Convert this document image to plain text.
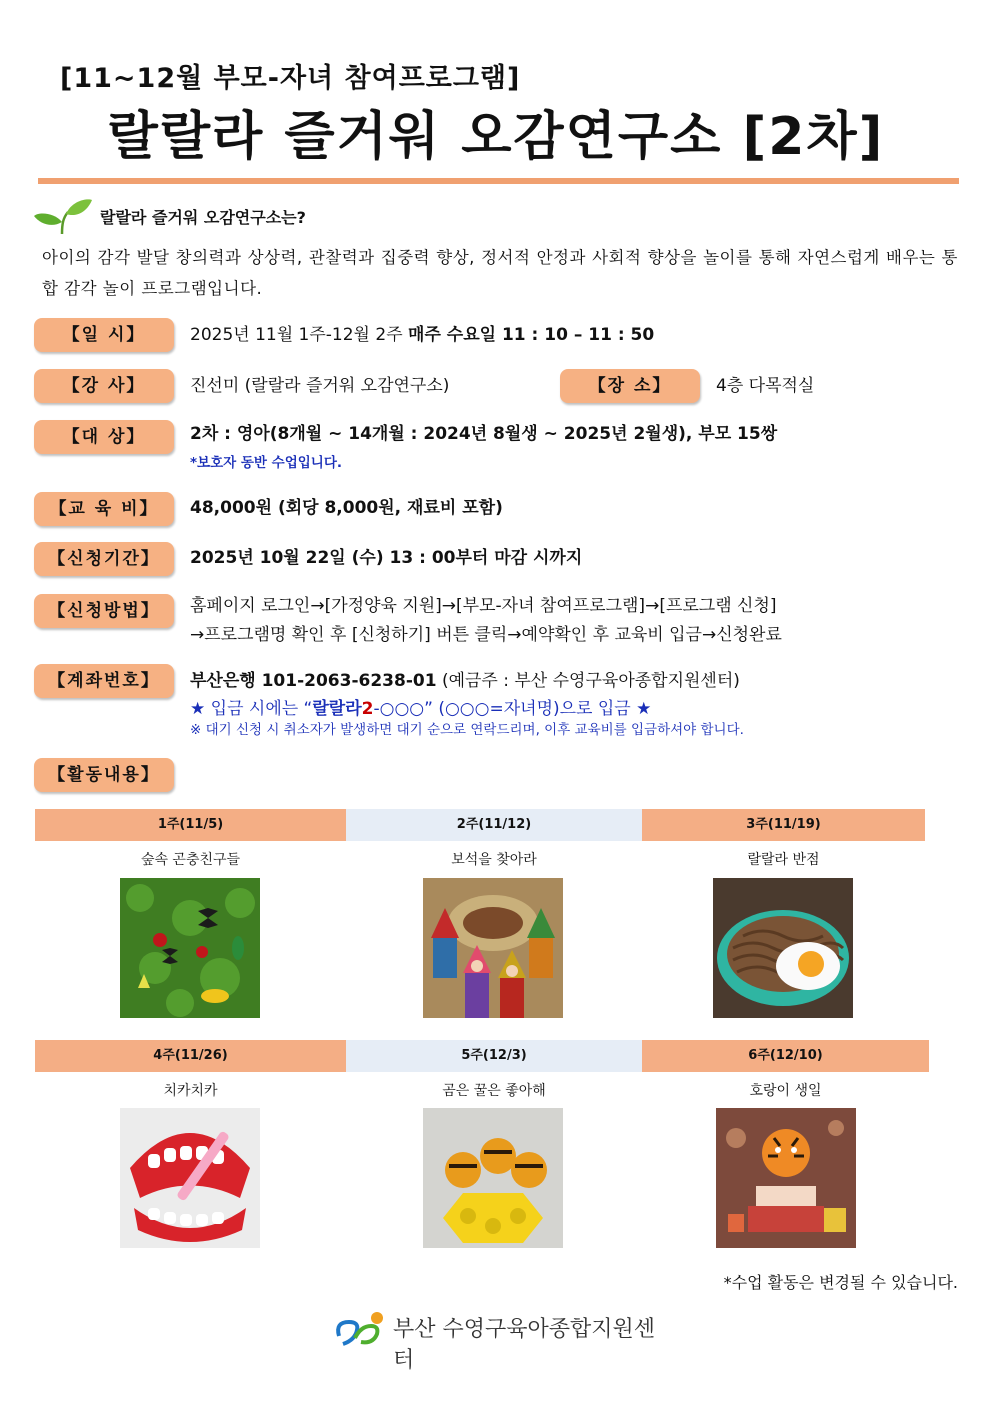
[11~12월 부모-자녀 참여프로그램]
랄랄라 즐거워 오감연구소 [2차]
랄랄라 즐거워 오감연구소는?
아이의 감각 발달 창의력과 상상력, 관찰력과 집중력 향상, 정서적 안정과 사회적 향상을 놀이를 통해 자연스럽게 배우는 통합 감각 놀이 프로그램입니다.
【일 시】	2025년 11월 1주-12월 2주 매주 수요일 11 : 10 – 11 : 50
【강 사】	진선미 (랄랄라 즐거워 오감연구소)	【장 소】	4층 다목적실
【대 상】	2차 : 영아(8개월 ~ 14개월 : 2024년 8월생 ~ 2025년 2월생), 부모 15쌍
*보호자 동반 수업입니다.
【교 육 비】	48,000원 (회당 8,000원, 재료비 포함)
【신청기간】	2025년 10월 22일 (수) 13 : 00부터 마감 시까지
【신청방법】	홈페이지 로그인→[가정양육 지원]→[부모-자녀 참여프로그램]→[프로그램 신청]
→프로그램명 확인 후 [신청하기] 버튼 클릭→예약확인 후 교육비 입금→신청완료
【계좌번호】	부산은행 101-2063-6238-01 (예금주 : 부산 수영구육아종합지원센터)
★ 입금 시에는 “랄랄라2-○○○” (○○○=자녀명)으로 입금 ★
※ 대기 신청 시 취소자가 발생하면 대기 순으로 연락드리며, 이후 교육비를 입금하셔야 합니다.
【활동내용】
1주(11/5)	2주(11/12)	3주(11/19)
숲속 곤충친구들	보석을 찾아라	랄랄라 반점
4주(11/26)	5주(12/3)	6주(12/10)
치카치카	곰은 꿀은 좋아해	호랑이 생일
*수업 활동은 변경될 수 있습니다.
부산 수영구육아종합지원센터
